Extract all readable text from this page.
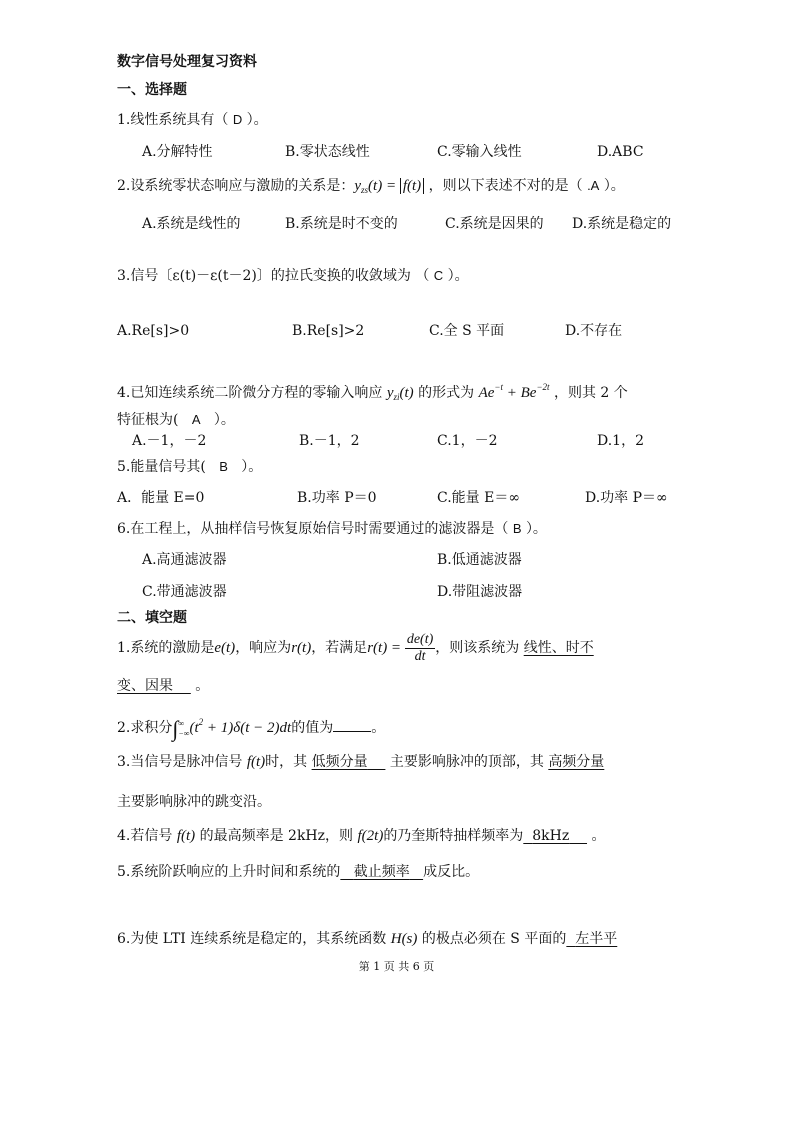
数字信号处理复习资料
一、选择题
1.线性系统具有（ D ）。
A.分解特性	B.零状态线性	C.零输入线性	D.ABC
2.设系统零状态响应与激励的关系是：$y_{zs}(t) = f(t)$ ，则以下表述不对的是（ .A ）。
A.系统是线性的	B.系统是时不变的	C.系统是因果的 D.系统是稳定的
3.信号〔ε(t)－ε(t－2)〕的拉氏变换的收敛域为 （ C ）。
A.Re[s]>0	B.Re[s]>2	C.全 S 平面	D.不存在
4.已知连续系统二阶微分方程的零输入响应 $y_{zi}(t)$ 的形式为 $Ae^{-t} + Be^{-2t}$ ，则其 2 个
特征根为( A ）。
A.－1，－2	B.－1，2	C.1，－2	D.1，2
5.能量信号其( B ）。
A．能量 E=0	B.功率 P＝0	C.能量 E＝∞	D.功率 P＝∞
6.在工程上，从抽样信号恢复原始信号时需要通过的滤波器是（ B ）。
A.高通滤波器	B.低通滤波器
C.带通滤波器	D.带阻滤波器
二、填空题
1.系统的激励是e(t)，响应为r(t)，若满足$r(t) = \frac{de(t)}{dt}$ ，则该系统为 线性、时不
变、因果 。
2.求积分∫ ∞
−∞ $(t^2 + 1)\delta(t - 2)dt$的值为	。
3.当信号是脉冲信号 f(t)时，其 低频分量 主要影响脉冲的顶部，其 高频分量
主要影响脉冲的跳变沿。
4.若信号 f(t) 的最高频率是 2kHz，则 f(2t)的乃奎斯特抽样频率为 8kHz 。
5.系统阶跃响应的上升时间和系统的 截止频率 成反比。
6.为使 LTI 连续系统是稳定的，其系统函数 H(s) 的极点必须在 S 平面的 左半平
第 1 页 共 6 页
